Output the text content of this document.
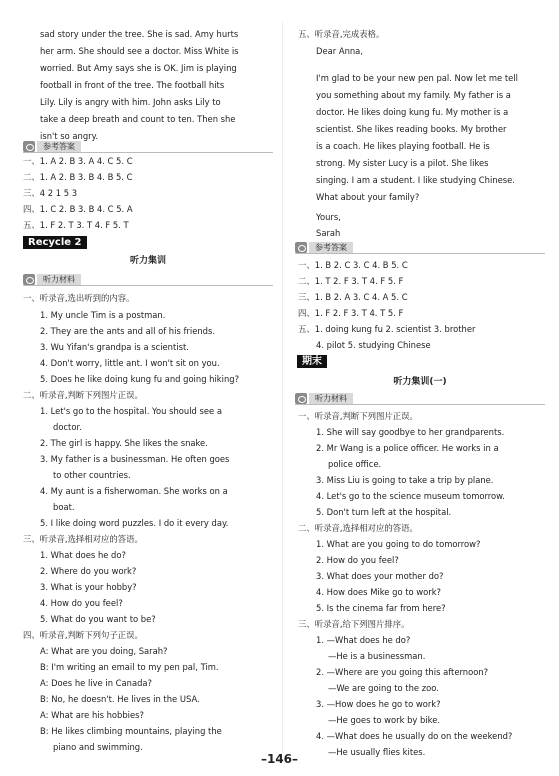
sad story under the tree. She is sad. Amy hurts
her arm. She should see a doctor. Miss White is
worried. But Amy says she is OK. Jim is playing
football in front of the tree. The football hits
Lily. Lily is angry with him. John asks Lily to
take a deep breath and count to ten. Then she
isn't so angry.
参考答案
一、1. A 2. B 3. A 4. C 5. C
二、1. A 2. B 3. B 4. B 5. C
三、4 2 1 5 3
四、1. C 2. B 3. B 4. C 5. A
五、1. F 2. T 3. T 4. F 5. T
Recycle 2
听力集训
听力材料
一、听录音,选出听到的内容。
1. My uncle Tim is a postman.
2. They are the ants and all of his friends.
3. Wu Yifan's grandpa is a scientist.
4. Don't worry, little ant. I won't sit on you.
5. Does he like doing kung fu and going hiking?
二、听录音,判断下列图片正误。
1. Let's go to the hospital. You should see a
doctor.
2. The girl is happy. She likes the snake.
3. My father is a businessman. He often goes
to other countries.
4. My aunt is a fisherwoman. She works on a
boat.
5. I like doing word puzzles. I do it every day.
三、听录音,选择相对应的答语。
1. What does he do?
2. Where do you work?
3. What is your hobby?
4. How do you feel?
5. What do you want to be?
四、听录音,判断下列句子正误。
A: What are you doing, Sarah?
B: I'm writing an email to my pen pal, Tim.
A: Does he live in Canada?
B: No, he doesn't. He lives in the USA.
A: What are his hobbies?
B: He likes climbing mountains, playing the
piano and swimming.
五、听录音,完成表格。
Dear Anna,
I'm glad to be your new pen pal. Now let me tell
you something about my family. My father is a
doctor. He likes doing kung fu. My mother is a
scientist. She likes reading books. My brother
is a coach. He likes playing football. He is
strong. My sister Lucy is a pilot. She likes
singing. I am a student. I like studying Chinese.
What about your family?
Yours,
Sarah
参考答案
一、1. B 2. C 3. C 4. B 5. C
二、1. T 2. F 3. T 4. F 5. F
三、1. B 2. A 3. C 4. A 5. C
四、1. F 2. F 3. T 4. T 5. F
五、1. doing kung fu 2. scientist 3. brother
4. pilot 5. studying Chinese
期末
听力集训(一)
听力材料
一、听录音,判断下列图片正误。
1. She will say goodbye to her grandparents.
2. Mr Wang is a police officer. He works in a
police office.
3. Miss Liu is going to take a trip by plane.
4. Let's go to the science museum tomorrow.
5. Don't turn left at the hospital.
二、听录音,选择相对应的答语。
1. What are you going to do tomorrow?
2. How do you feel?
3. What does your mother do?
4. How does Mike go to work?
5. Is the cinema far from here?
三、听录音,给下列图片排序。
1. —What does he do?
—He is a businessman.
2. —Where are you going this afternoon?
—We are going to the zoo.
3. —How does he go to work?
—He goes to work by bike.
4. —What does he usually do on the weekend?
—He usually flies kites.
–146–
